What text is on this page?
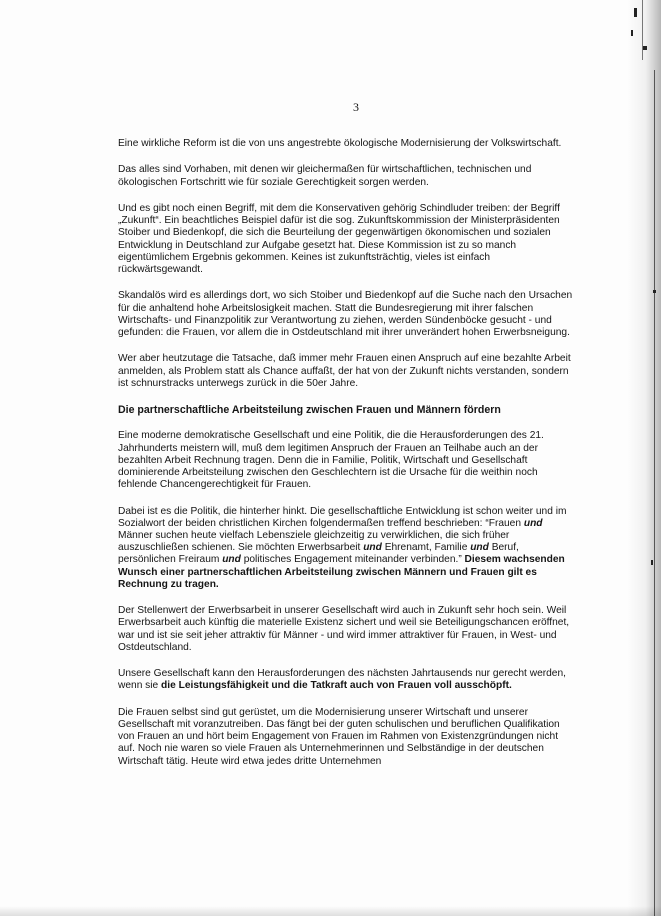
3

Eine wirkliche Reform ist die von uns angestrebte ökologische Modernisierung der Volkswirtschaft.

Das alles sind Vorhaben, mit denen wir gleichermaßen für wirtschaftlichen, technischen und ökologischen Fortschritt wie für soziale Gerechtigkeit sorgen werden.

Und es gibt noch einen Begriff, mit dem die Konservativen gehörig Schindluder treiben: der Begriff „Zukunft“. Ein beachtliches Beispiel dafür ist die sog. Zukunftskommission der Ministerpräsidenten Stoiber und Biedenkopf, die sich die Beurteilung der gegenwärtigen ökonomischen und sozialen Entwicklung in Deutschland zur Aufgabe gesetzt hat. Diese Kommission ist zu so manch eigentümlichem Ergebnis gekommen. Keines ist zukunftsträchtig, vieles ist einfach rückwärtsgewandt.

Skandalös wird es allerdings dort, wo sich Stoiber und Biedenkopf auf die Suche nach den Ursachen für die anhaltend hohe Arbeitslosigkeit machen. Statt die Bundesregierung mit ihrer falschen Wirtschafts- und Finanzpolitik zur Verantwortung zu ziehen, werden Sündenböcke gesucht - und gefunden: die Frauen, vor allem die in Ostdeutschland mit ihrer unverändert hohen Erwerbsneigung.

Wer aber heutzutage die Tatsache, daß immer mehr Frauen einen Anspruch auf eine bezahlte Arbeit anmelden, als Problem statt als Chance auffaßt, der hat von der Zukunft nichts verstanden, sondern ist schnurstracks unterwegs zurück in die 50er Jahre.

Die partnerschaftliche Arbeitsteilung zwischen Frauen und Männern fördern

Eine moderne demokratische Gesellschaft und eine Politik, die die Herausforderungen des 21. Jahrhunderts meistern will, muß dem legitimen Anspruch der Frauen an Teilhabe auch an der bezahlten Arbeit Rechnung tragen. Denn die in Familie, Politik, Wirtschaft und Gesellschaft dominierende Arbeitsteilung zwischen den Geschlechtern ist die Ursache für die weithin noch fehlende Chancengerechtigkeit für Frauen.

Dabei ist es die Politik, die hinterher hinkt. Die gesellschaftliche Entwicklung ist schon weiter und im Sozialwort der beiden christlichen Kirchen folgendermaßen treffend beschrieben: “Frauen und Männer suchen heute vielfach Lebensziele gleichzeitig zu verwirklichen, die sich früher auszuschließen schienen. Sie möchten Erwerbsarbeit und Ehrenamt, Familie und Beruf, persönlichen Freiraum und politisches Engagement miteinander verbinden.” Diesem wachsenden Wunsch einer partnerschaftlichen Arbeitsteilung zwischen Männern und Frauen gilt es Rechnung zu tragen.

Der Stellenwert der Erwerbsarbeit in unserer Gesellschaft wird auch in Zukunft sehr hoch sein. Weil Erwerbsarbeit auch künftig die materielle Existenz sichert und weil sie Beteiligungschancen eröffnet, war und ist sie seit jeher attraktiv für Männer - und wird immer attraktiver für Frauen, in West- und Ostdeutschland.

Unsere Gesellschaft kann den Herausforderungen des nächsten Jahrtausends nur gerecht werden, wenn sie die Leistungsfähigkeit und die Tatkraft auch von Frauen voll ausschöpft.

Die Frauen selbst sind gut gerüstet, um die Modernisierung unserer Wirtschaft und unserer Gesellschaft mit voranzutreiben. Das fängt bei der guten schulischen und beruflichen Qualifikation von Frauen an und hört beim Engagement von Frauen im Rahmen von Existenzgründungen nicht auf. Noch nie waren so viele Frauen als Unternehmerinnen und Selbständige in der deutschen Wirtschaft tätig. Heute wird etwa jedes dritte Unternehmen
